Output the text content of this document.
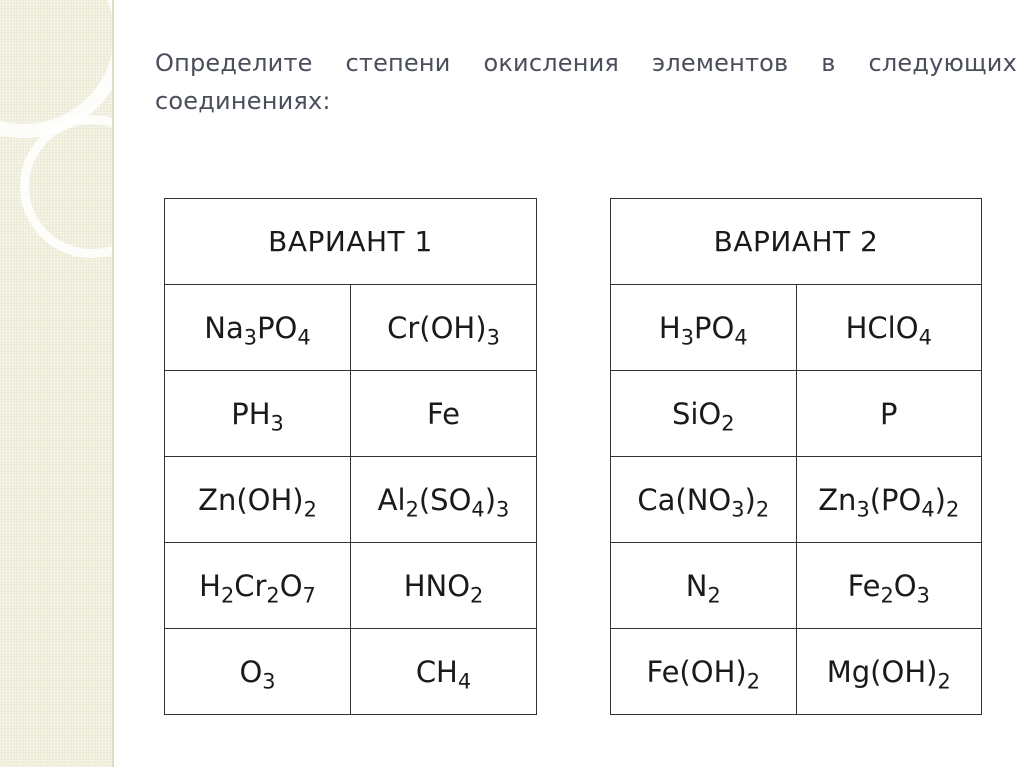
Определите степени окисления элементов в следующих соединениях:

ВАРИАНТ 1	
$Na_3PO_4$	$Cr(OH)_3$
$PH_3$	Fe
$Zn(OH)_2$	$Al_2(SO_4)_3$
$H_2Cr_2O_7$	$HNO_2$
$O_3$	$CH_4$
ВАРИАНТ 2	
$H_3PO_4$	HClO$_4$
SiO$_2$	P
$Ca(NO_3)_2$	$Zn_3(PO_4)_2$
$N_2$	$Fe_2O_3$
$Fe(OH)_2$	$Mg(OH)_2$
